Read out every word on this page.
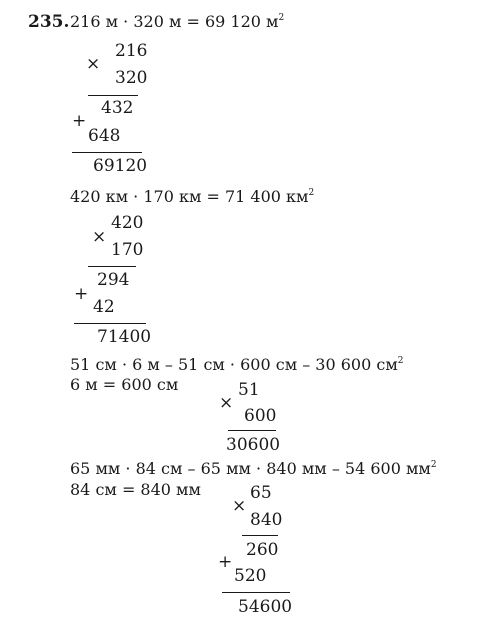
235. 216 м · 320 м = 69 120 $м^2$
216
×
320
432
+
648
69120
420 км · 170 км = 71 400 $км^2$
420
×
170
294
+
42
71400
51 см · 6 м – 51 см · 600 см – 30 600 $см^2$
6 м = 600 см	51
×
600
30600
65 мм · 84 см – 65 мм · 840 мм – 54 600 $мм^2$
84 см = 840 мм	65
×
840
260
+
520
54600
